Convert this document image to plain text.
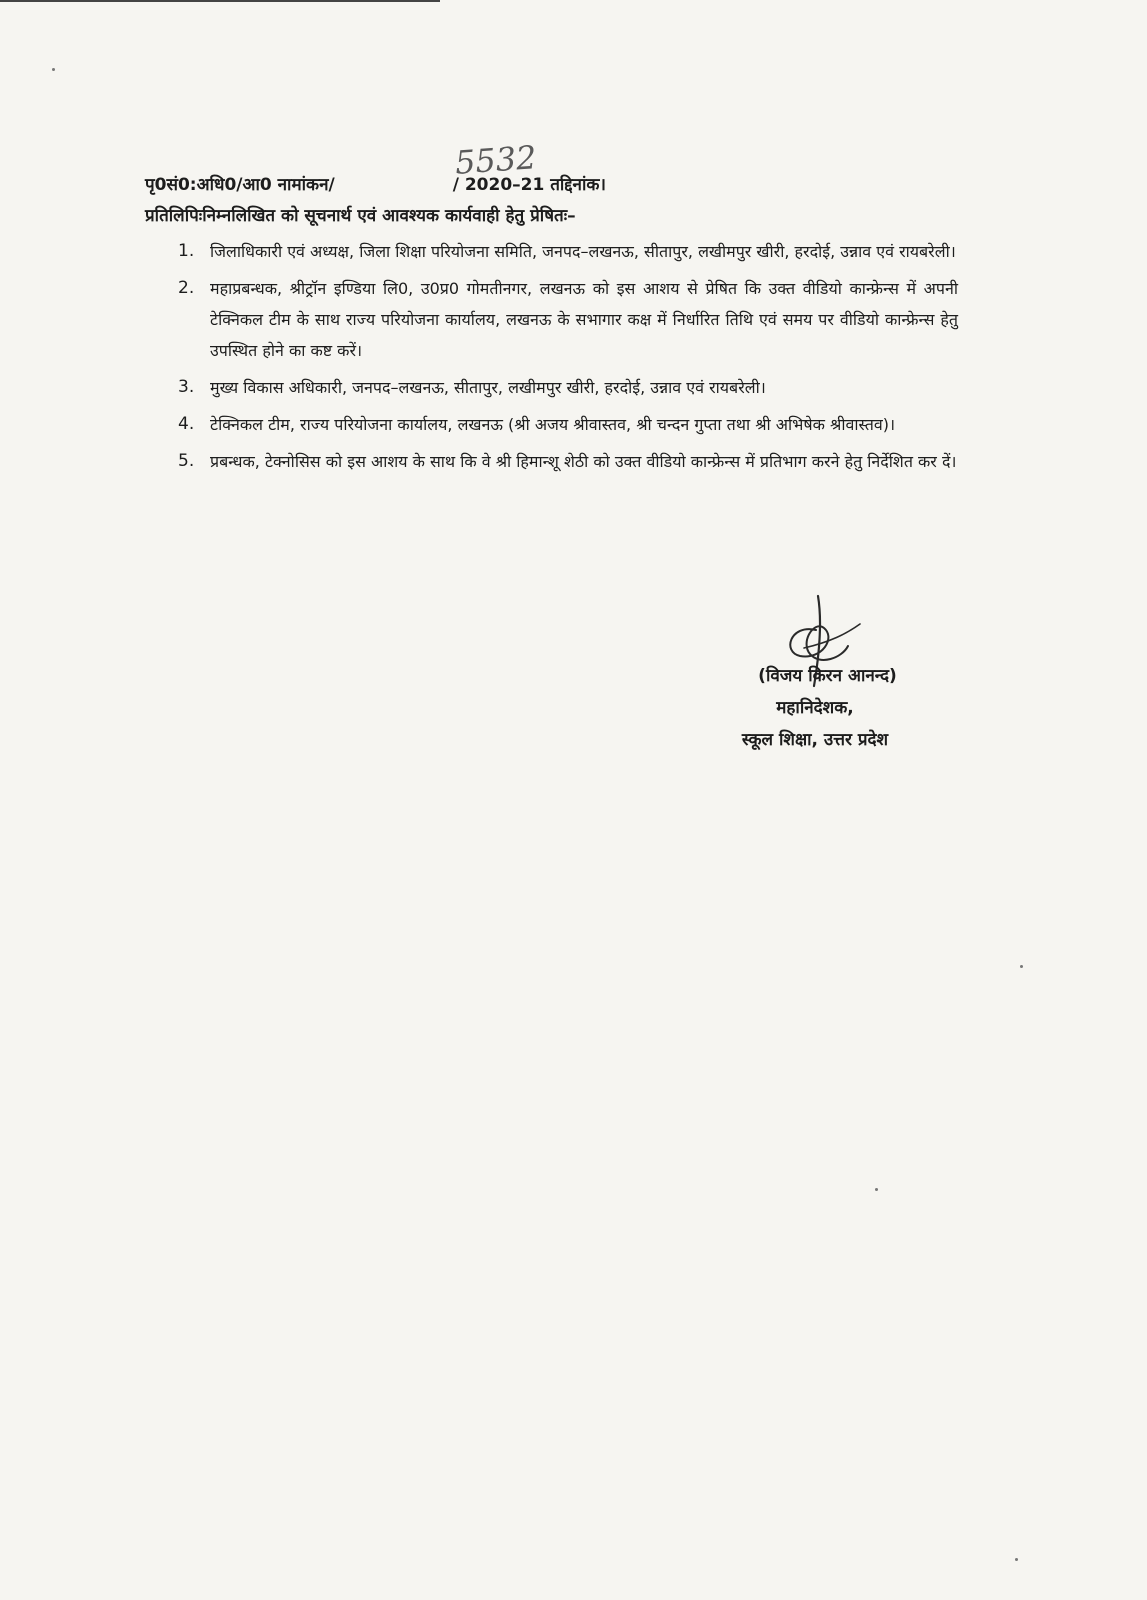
पृ0सं0:अधि0/आ0 नामांकन/	/ 2020–21 तद्दिनांक।
5532
प्रतिलिपिःनिम्नलिखित को सूचनार्थ एवं आवश्यक कार्यवाही हेतु प्रेषितः–
1. जिलाधिकारी एवं अध्यक्ष, जिला शिक्षा परियोजना समिति, जनपद–लखनऊ, सीतापुर, लखीमपुर खीरी, हरदोई, उन्नाव एवं रायबरेली।
2. महाप्रबन्धक, श्रीट्रॉन इण्डिया लि0, उ0प्र0 गोमतीनगर, लखनऊ को इस आशय से प्रेषित कि उक्त वीडियो कान्फ्रेन्स में अपनी टेक्निकल टीम के साथ राज्य परियोजना कार्यालय, लखनऊ के सभागार कक्ष में निर्धारित तिथि एवं समय पर वीडियो कान्फ्रेन्स हेतु उपस्थित होने का कष्ट करें।
3. मुख्य विकास अधिकारी, जनपद–लखनऊ, सीतापुर, लखीमपुर खीरी, हरदोई, उन्नाव एवं रायबरेली।
4. टेक्निकल टीम, राज्य परियोजना कार्यालय, लखनऊ (श्री अजय श्रीवास्तव, श्री चन्दन गुप्ता तथा श्री अभिषेक श्रीवास्तव)।
5. प्रबन्धक, टेक्नोसिस को इस आशय के साथ कि वे श्री हिमान्शू शेठी को उक्त वीडियो कान्फ्रेन्स में प्रतिभाग करने हेतु निर्देशित कर दें।
(विजय किरन आनन्द)
महानिदेशक,
स्कूल शिक्षा, उत्तर प्रदेश
